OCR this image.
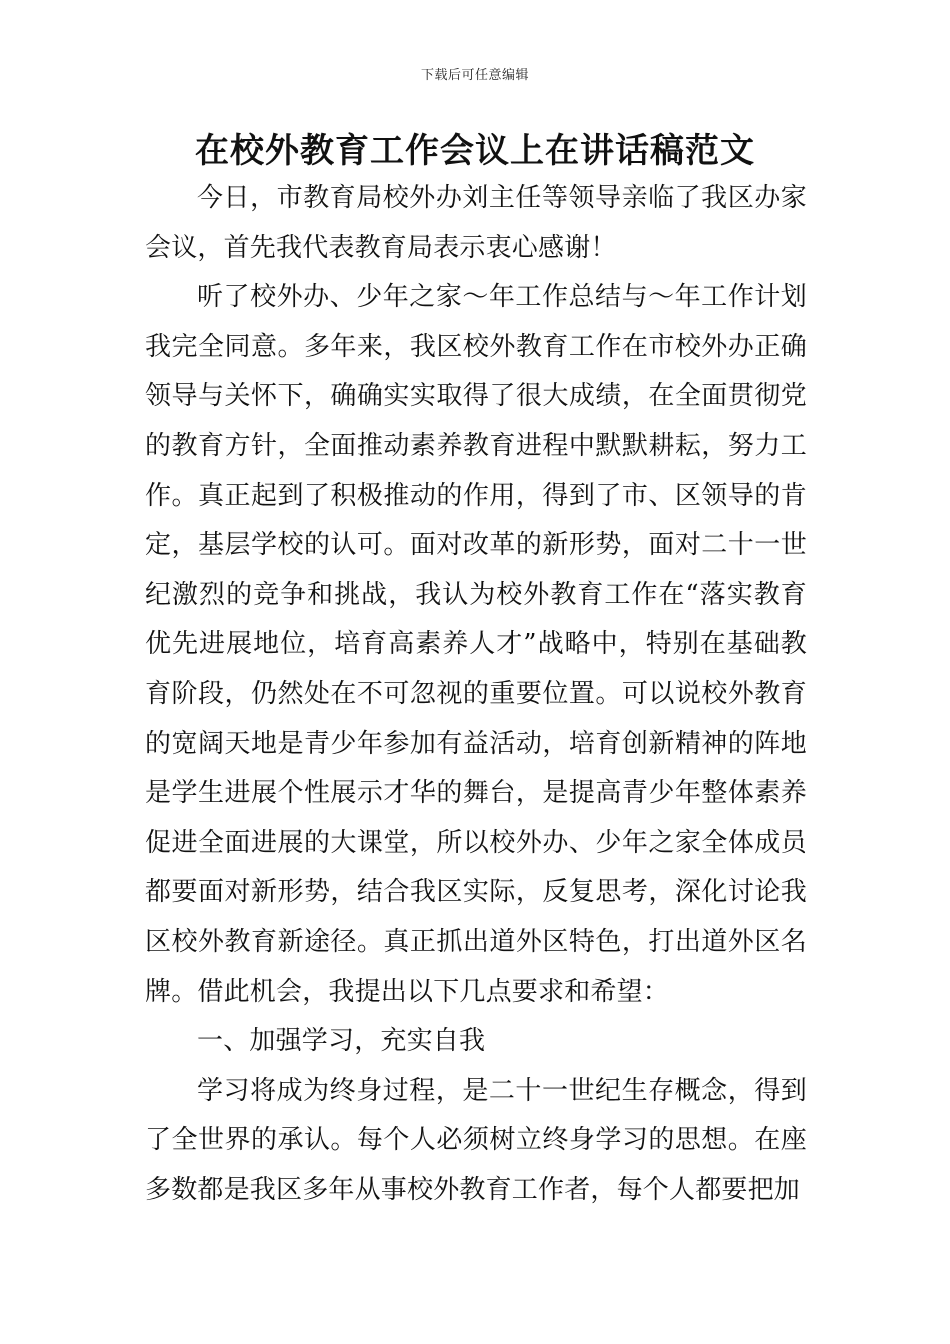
下载后可任意编辑
在校外教育工作会议上在讲话稿范文

今日，市教育局校外办刘主任等领导亲临了我区办家会议，首先我代表教育局表示衷心感谢！

听了校外办、少年之家～年工作总结与～年工作计划我完全同意。多年来，我区校外教育工作在市校外办正确领导与关怀下，确确实实取得了很大成绩，在全面贯彻党的教育方针，全面推动素养教育进程中默默耕耘，努力工作。真正起到了积极推动的作用，得到了市、区领导的肯定，基层学校的认可。面对改革的新形势，面对二十一世纪激烈的竞争和挑战，我认为校外教育工作在“落实教育优先进展地位，培育高素养人才”战略中，特别在基础教育阶段，仍然处在不可忽视的重要位置。可以说校外教育的宽阔天地是青少年参加有益活动，培育创新精神的阵地是学生进展个性展示才华的舞台，是提高青少年整体素养促进全面进展的大课堂，所以校外办、少年之家全体成员都要面对新形势，结合我区实际，反复思考，深化讨论我区校外教育新途径。真正抓出道外区特色，打出道外区名牌。借此机会，我提出以下几点要求和希望：

一、加强学习，充实自我

学习将成为终身过程，是二十一世纪生存概念，得到了全世界的承认。每个人必须树立终身学习的思想。在座多数都是我区多年从事校外教育工作者，每个人都要把加
